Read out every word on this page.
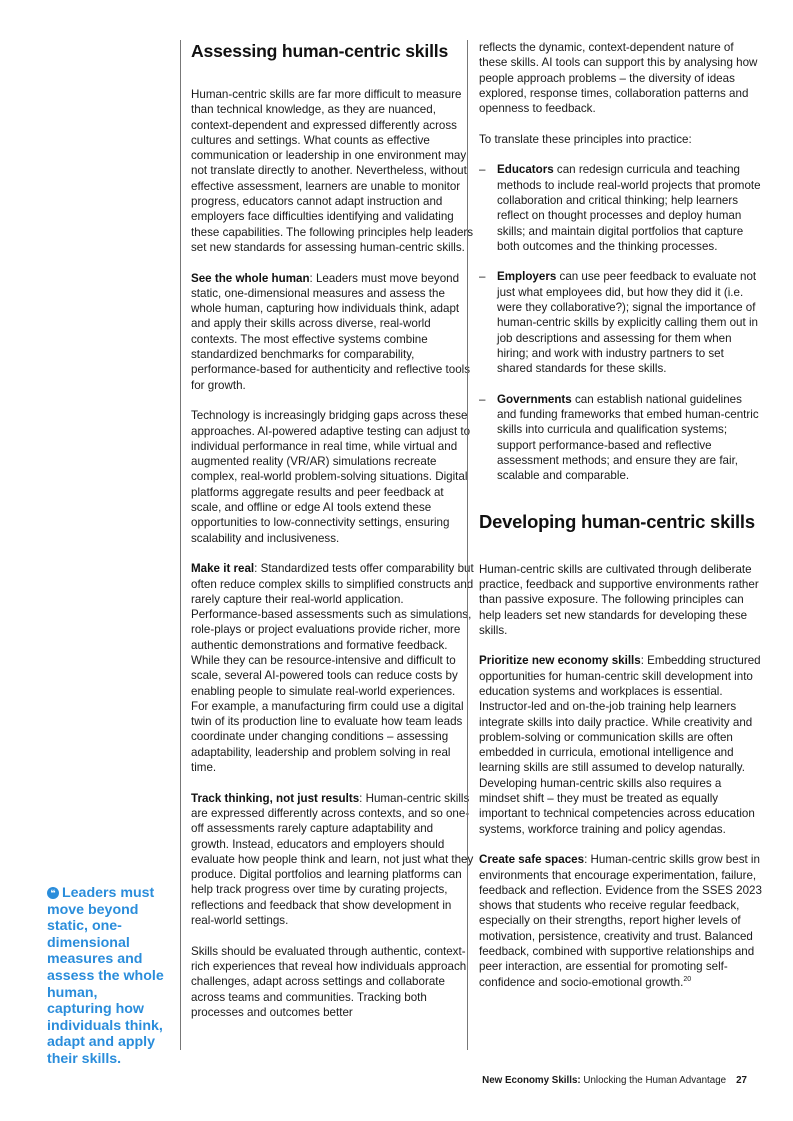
Assessing human-centric skills

Human-centric skills are far more difficult to measure than technical knowledge, as they are nuanced, context-dependent and expressed differently across cultures and settings. What counts as effective communication or leadership in one environment may not translate directly to another. Nevertheless, without effective assessment, learners are unable to monitor progress, educators cannot adapt instruction and employers face difficulties identifying and validating these capabilities. The following principles help leaders set new standards for assessing human-centric skills.

See the whole human: Leaders must move beyond static, one-dimensional measures and assess the whole human, capturing how individuals think, adapt and apply their skills across diverse, real-world contexts. The most effective systems combine standardized benchmarks for comparability, performance-based for authenticity and reflective tools for growth.

Technology is increasingly bridging gaps across these approaches. AI-powered adaptive testing can adjust to individual performance in real time, while virtual and augmented reality (VR/AR) simulations recreate complex, real-world problem-solving situations. Digital platforms aggregate results and peer feedback at scale, and offline or edge AI tools extend these opportunities to low-connectivity settings, ensuring scalability and inclusiveness.

Make it real: Standardized tests offer comparability but often reduce complex skills to simplified constructs and rarely capture their real-world application. Performance-based assessments such as simulations, role-plays or project evaluations provide richer, more authentic demonstrations and formative feedback. While they can be resource-intensive and difficult to scale, several AI-powered tools can reduce costs by enabling people to simulate real-world experiences. For example, a manufacturing firm could use a digital twin of its production line to evaluate how team leads coordinate under changing conditions – assessing adaptability, leadership and problem solving in real time.

Track thinking, not just results: Human-centric skills are expressed differently across contexts, and so one-off assessments rarely capture adaptability and growth. Instead, educators and employers should evaluate how people think and learn, not just what they produce. Digital portfolios and learning platforms can help track progress over time by curating projects, reflections and feedback that show development in real-world settings.

Skills should be evaluated through authentic, context-rich experiences that reveal how individuals approach challenges, adapt across settings and collaborate across teams and communities. Tracking both processes and outcomes better

reflects the dynamic, context-dependent nature of these skills. AI tools can support this by analysing how people approach problems – the diversity of ideas explored, response times, collaboration patterns and openness to feedback.

To translate these principles into practice:

– Educators can redesign curricula and teaching methods to include real-world projects that promote collaboration and critical thinking; help learners reflect on thought processes and deploy human skills; and maintain digital portfolios that capture both outcomes and the thinking processes.
– Employers can use peer feedback to evaluate not just what employees did, but how they did it (i.e. were they collaborative?); signal the importance of human-centric skills by explicitly calling them out in job descriptions and assessing for them when hiring; and work with industry partners to set shared standards for these skills.
– Governments can establish national guidelines and funding frameworks that embed human-centric skills into curricula and qualification systems; support performance-based and reflective assessment methods; and ensure they are fair, scalable and comparable.
Developing human-centric skills

Human-centric skills are cultivated through deliberate practice, feedback and supportive environments rather than passive exposure. The following principles can help leaders set new standards for developing these skills.

Prioritize new economy skills: Embedding structured opportunities for human-centric skill development into education systems and workplaces is essential. Instructor-led and on-the-job training help learners integrate skills into daily practice. While creativity and problem-solving or communication skills are often embedded in curricula, emotional intelligence and learning skills are still assumed to develop naturally. Developing human-centric skills also requires a mindset shift – they must be treated as equally important to technical competencies across education systems, workforce training and policy agendas.

Create safe spaces: Human-centric skills grow best in environments that encourage experimentation, failure, feedback and reflection. Evidence from the SSES 2023 shows that students who receive regular feedback, especially on their strengths, report higher levels of motivation, persistence, creativity and trust. Balanced feedback, combined with supportive relationships and peer interaction, are essential for promoting self-confidence and socio-emotional growth.$^{20}$

❝ Leaders must move beyond static, one-dimensional measures and assess the whole human, capturing how individuals think, adapt and apply their skills.
New Economy Skills: Unlocking the Human Advantage 27
